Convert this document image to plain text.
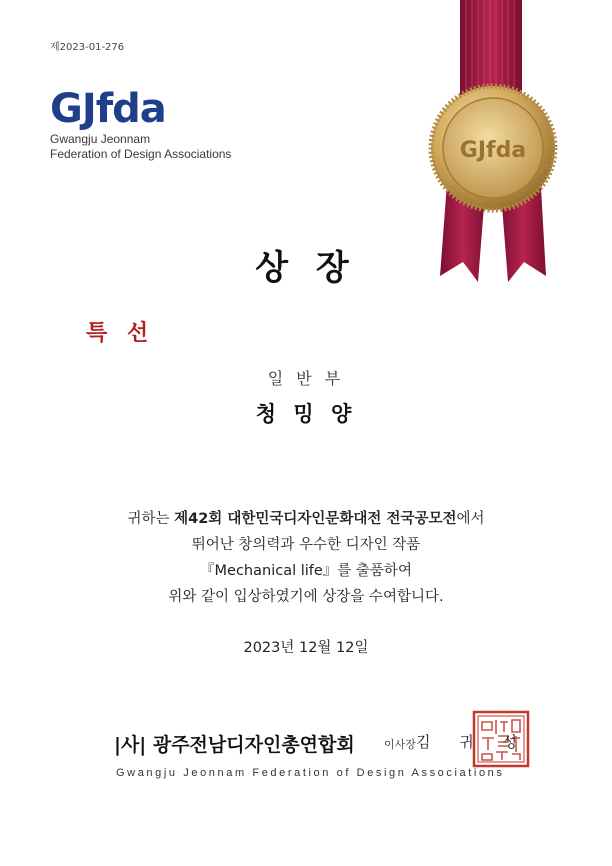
제2023-01-276
GJfda
Gwangju Jeonnam
Federation of Design Associations	GJfda
상 장
특 선
일 반 부
청 밍 양
귀하는 제42회 대한민국디자인문화대전 전국공모전에서
뛰어난 창의력과 우수한 디자인 작품
『Mechanical life』를 출품하여
위와 같이 입상하였기에 상장을 수여합니다.
2023년 12월 12일
|사| 광주전남디자인총연합회	이사장 김 귀 성
Gwangju Jeonnam Federation of Design Associations
